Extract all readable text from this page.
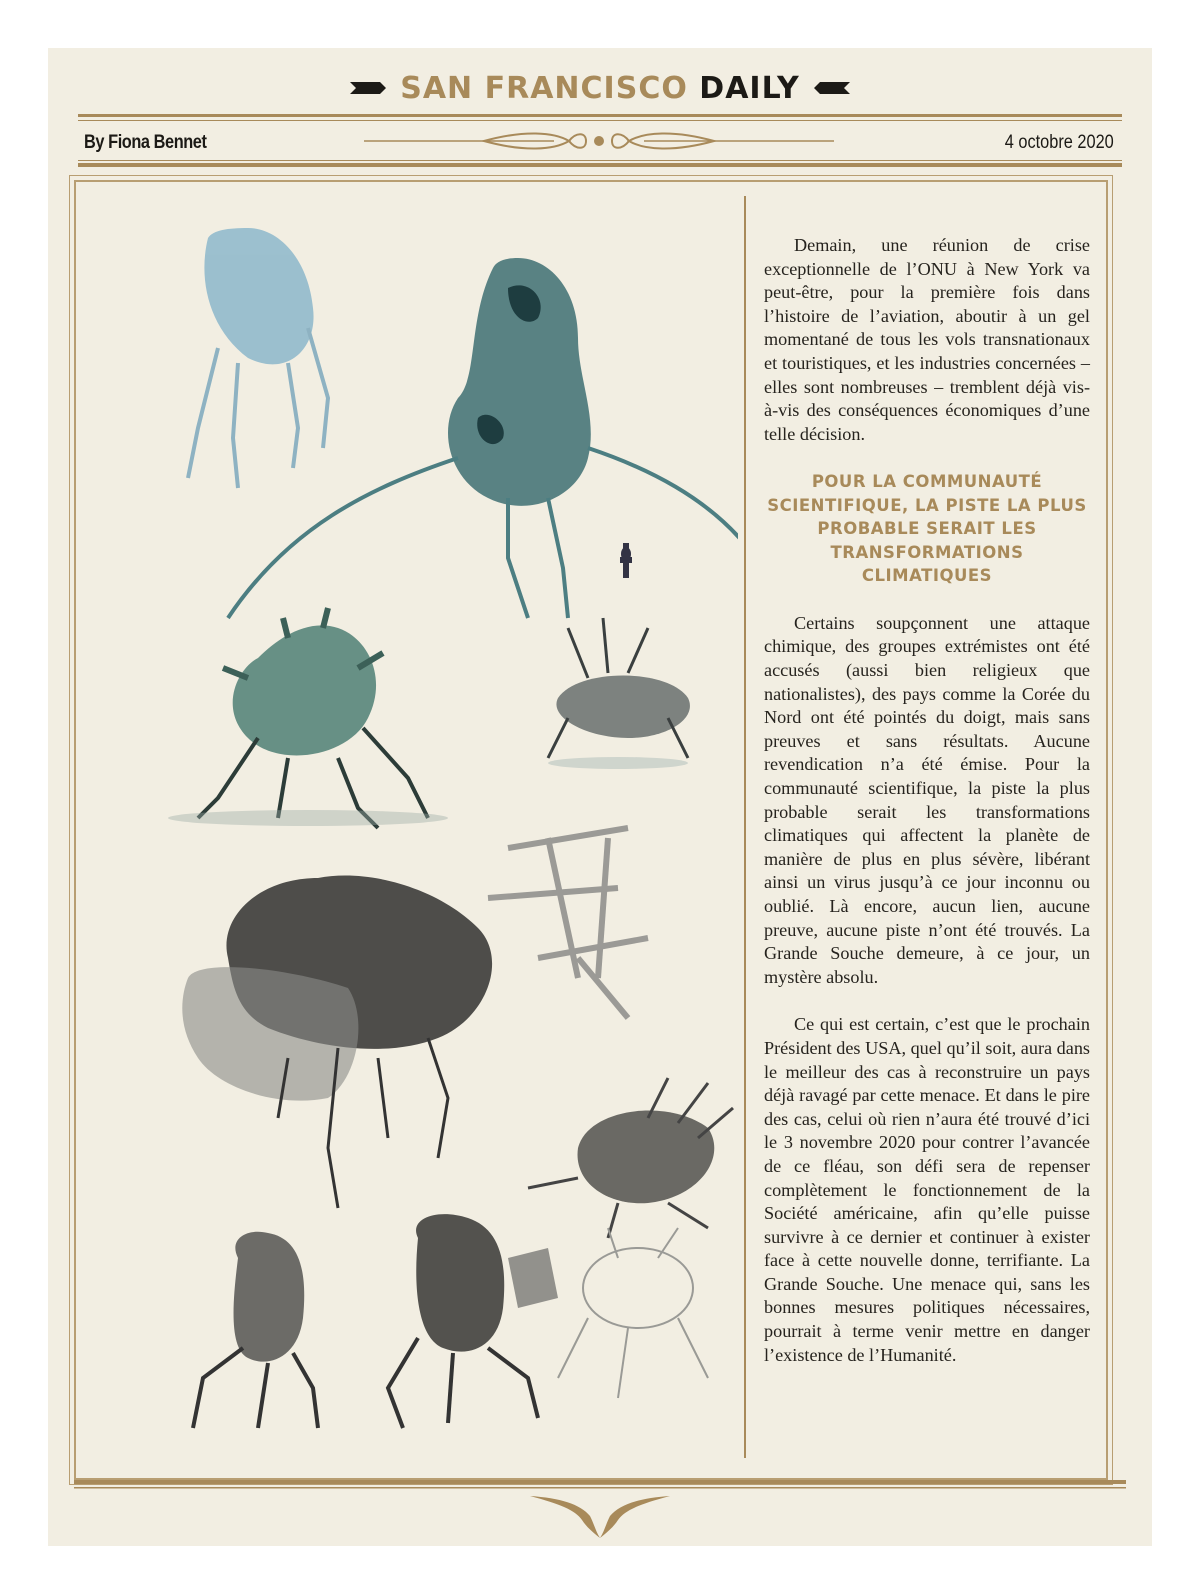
SAN FRANCISCO DAILY
By Fiona Bennet	4 octobre 2020

Demain, une réunion de crise exceptionnelle de l’ONU à New York va peut-être, pour la première fois dans l’histoire de l’aviation, aboutir à un gel momentané de tous les vols transnationaux et touristiques, et les industries concernées – elles sont nombreuses – tremblent déjà vis-à-vis des conséquences économiques d’une telle décision.

POUR LA COMMUNAUTÉ SCIENTIFIQUE, LA PISTE LA PLUS PROBABLE SERAIT LES TRANSFORMATIONS CLIMATIQUES

Certains soupçonnent une attaque chimique, des groupes extrémistes ont été accusés (aussi bien religieux que nationalistes), des pays comme la Corée du Nord ont été pointés du doigt, mais sans preuves et sans résultats. Aucune revendication n’a été émise. Pour la communauté scientifique, la piste la plus probable serait les transformations climatiques qui affectent la planète de manière de plus en plus sévère, libérant ainsi un virus jusqu’à ce jour inconnu ou oublié. Là encore, aucun lien, aucune preuve, aucune piste n’ont été trouvés. La Grande Souche demeure, à ce jour, un mystère absolu.

Ce qui est certain, c’est que le prochain Président des USA, quel qu’il soit, aura dans le meilleur des cas à reconstruire un pays déjà ravagé par cette menace. Et dans le pire des cas, celui où rien n’aura été trouvé d’ici le 3 novembre 2020 pour contrer l’avancée de ce fléau, son défi sera de repenser complètement le fonctionnement de la Société américaine, afin qu’elle puisse survivre à ce dernier et continuer à exister face à cette nouvelle donne, terrifiante. La Grande Souche. Une menace qui, sans les bonnes mesures politiques nécessaires, pourrait à terme venir mettre en danger l’existence de l’Humanité.
